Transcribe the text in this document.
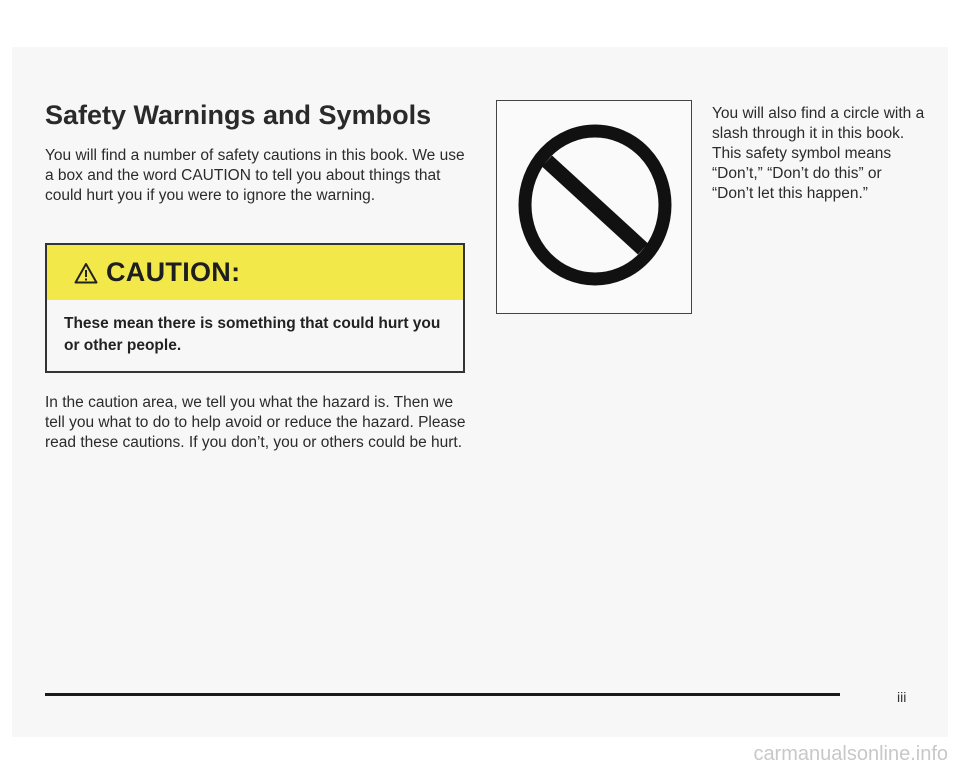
Safety Warnings and Symbols

You will find a number of safety cautions in this book. We use a box and the word CAUTION to tell you about things that could hurt you if you were to ignore the warning.

CAUTION:

These mean there is something that could hurt you or other people.

In the caution area, we tell you what the hazard is. Then we tell you what to do to help avoid or reduce the hazard. Please read these cautions. If you don’t, you or others could be hurt.

You will also find a circle with a slash through it in this book. This safety symbol means “Don’t,” “Don’t do this” or “Don’t let this happen.”

iii

carmanualsonline.info
